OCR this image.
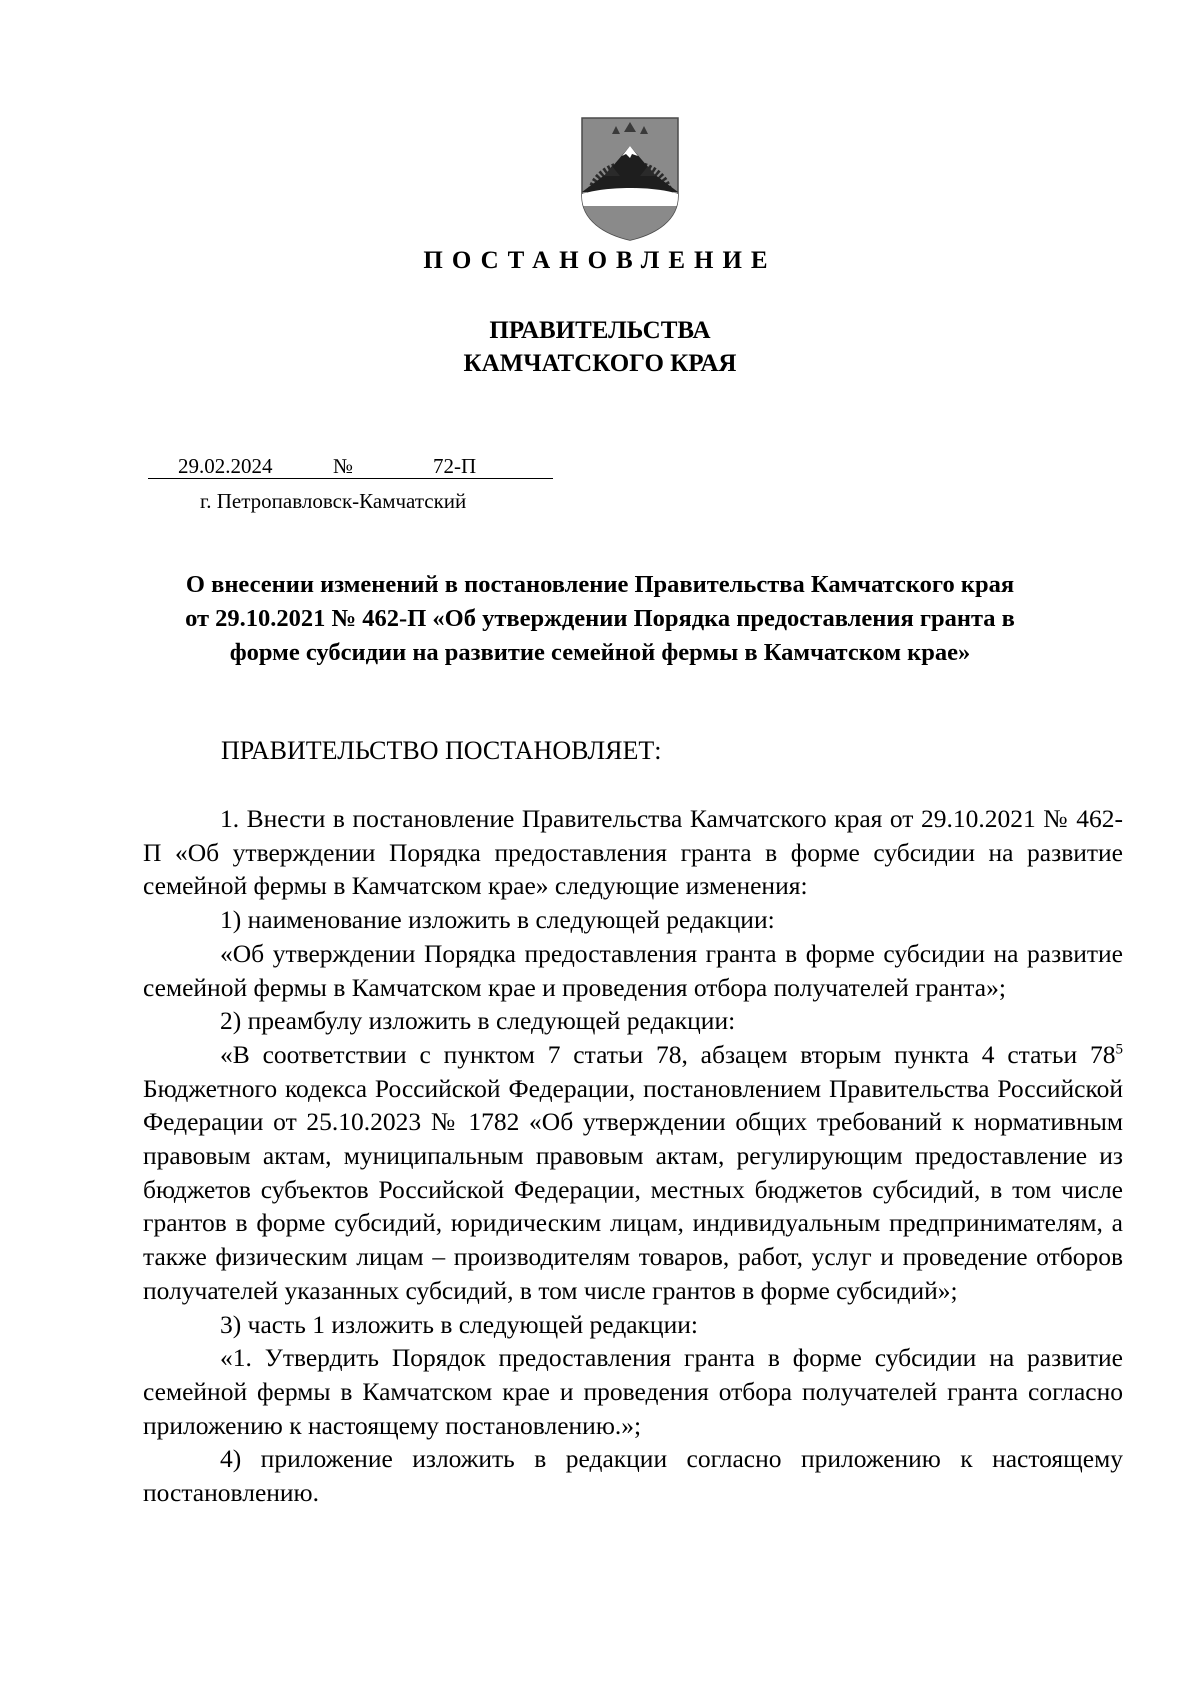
ПОСТАНОВЛЕНИЕ
ПРАВИТЕЛЬСТВА
КАМЧАТСКОГО КРАЯ
29.02.2024	№	72-П
г. Петропавловск-Камчатский
О внесении изменений в постановление Правительства Камчатского края
от 29.10.2021 № 462-П «Об утверждении Порядка предоставления гранта в
форме субсидии на развитие семейной фермы в Камчатском крае»
ПРАВИТЕЛЬСТВО ПОСТАНОВЛЯЕТ:

1. Внести в постановление Правительства Камчатского края от 29.10.2021 № 462-П «Об утверждении Порядка предоставления гранта в форме субсидии на развитие семейной фермы в Камчатском крае» следующие изменения:

1) наименование изложить в следующей редакции:

«Об утверждении Порядка предоставления гранта в форме субсидии на развитие семейной фермы в Камчатском крае и проведения отбора получателей гранта»;

2) преамбулу изложить в следующей редакции:

«В соответствии с пунктом 7 статьи 78, абзацем вторым пункта 4 статьи $78^5$ Бюджетного кодекса Российской Федерации, постановлением Правительства Российской Федерации от 25.10.2023 № 1782 «Об утверждении общих требований к нормативным правовым актам, муниципальным правовым актам, регулирующим предоставление из бюджетов субъектов Российской Федерации, местных бюджетов субсидий, в том числе грантов в форме субсидий, юридическим лицам, индивидуальным предпринимателям, а также физическим лицам – производителям товаров, работ, услуг и проведение отборов получателей указанных субсидий, в том числе грантов в форме субсидий»;

3) часть 1 изложить в следующей редакции:

«1. Утвердить Порядок предоставления гранта в форме субсидии на развитие семейной фермы в Камчатском крае и проведения отбора получателей гранта согласно приложению к настоящему постановлению.»;

4) приложение изложить в редакции согласно приложению к настоящему постановлению.
